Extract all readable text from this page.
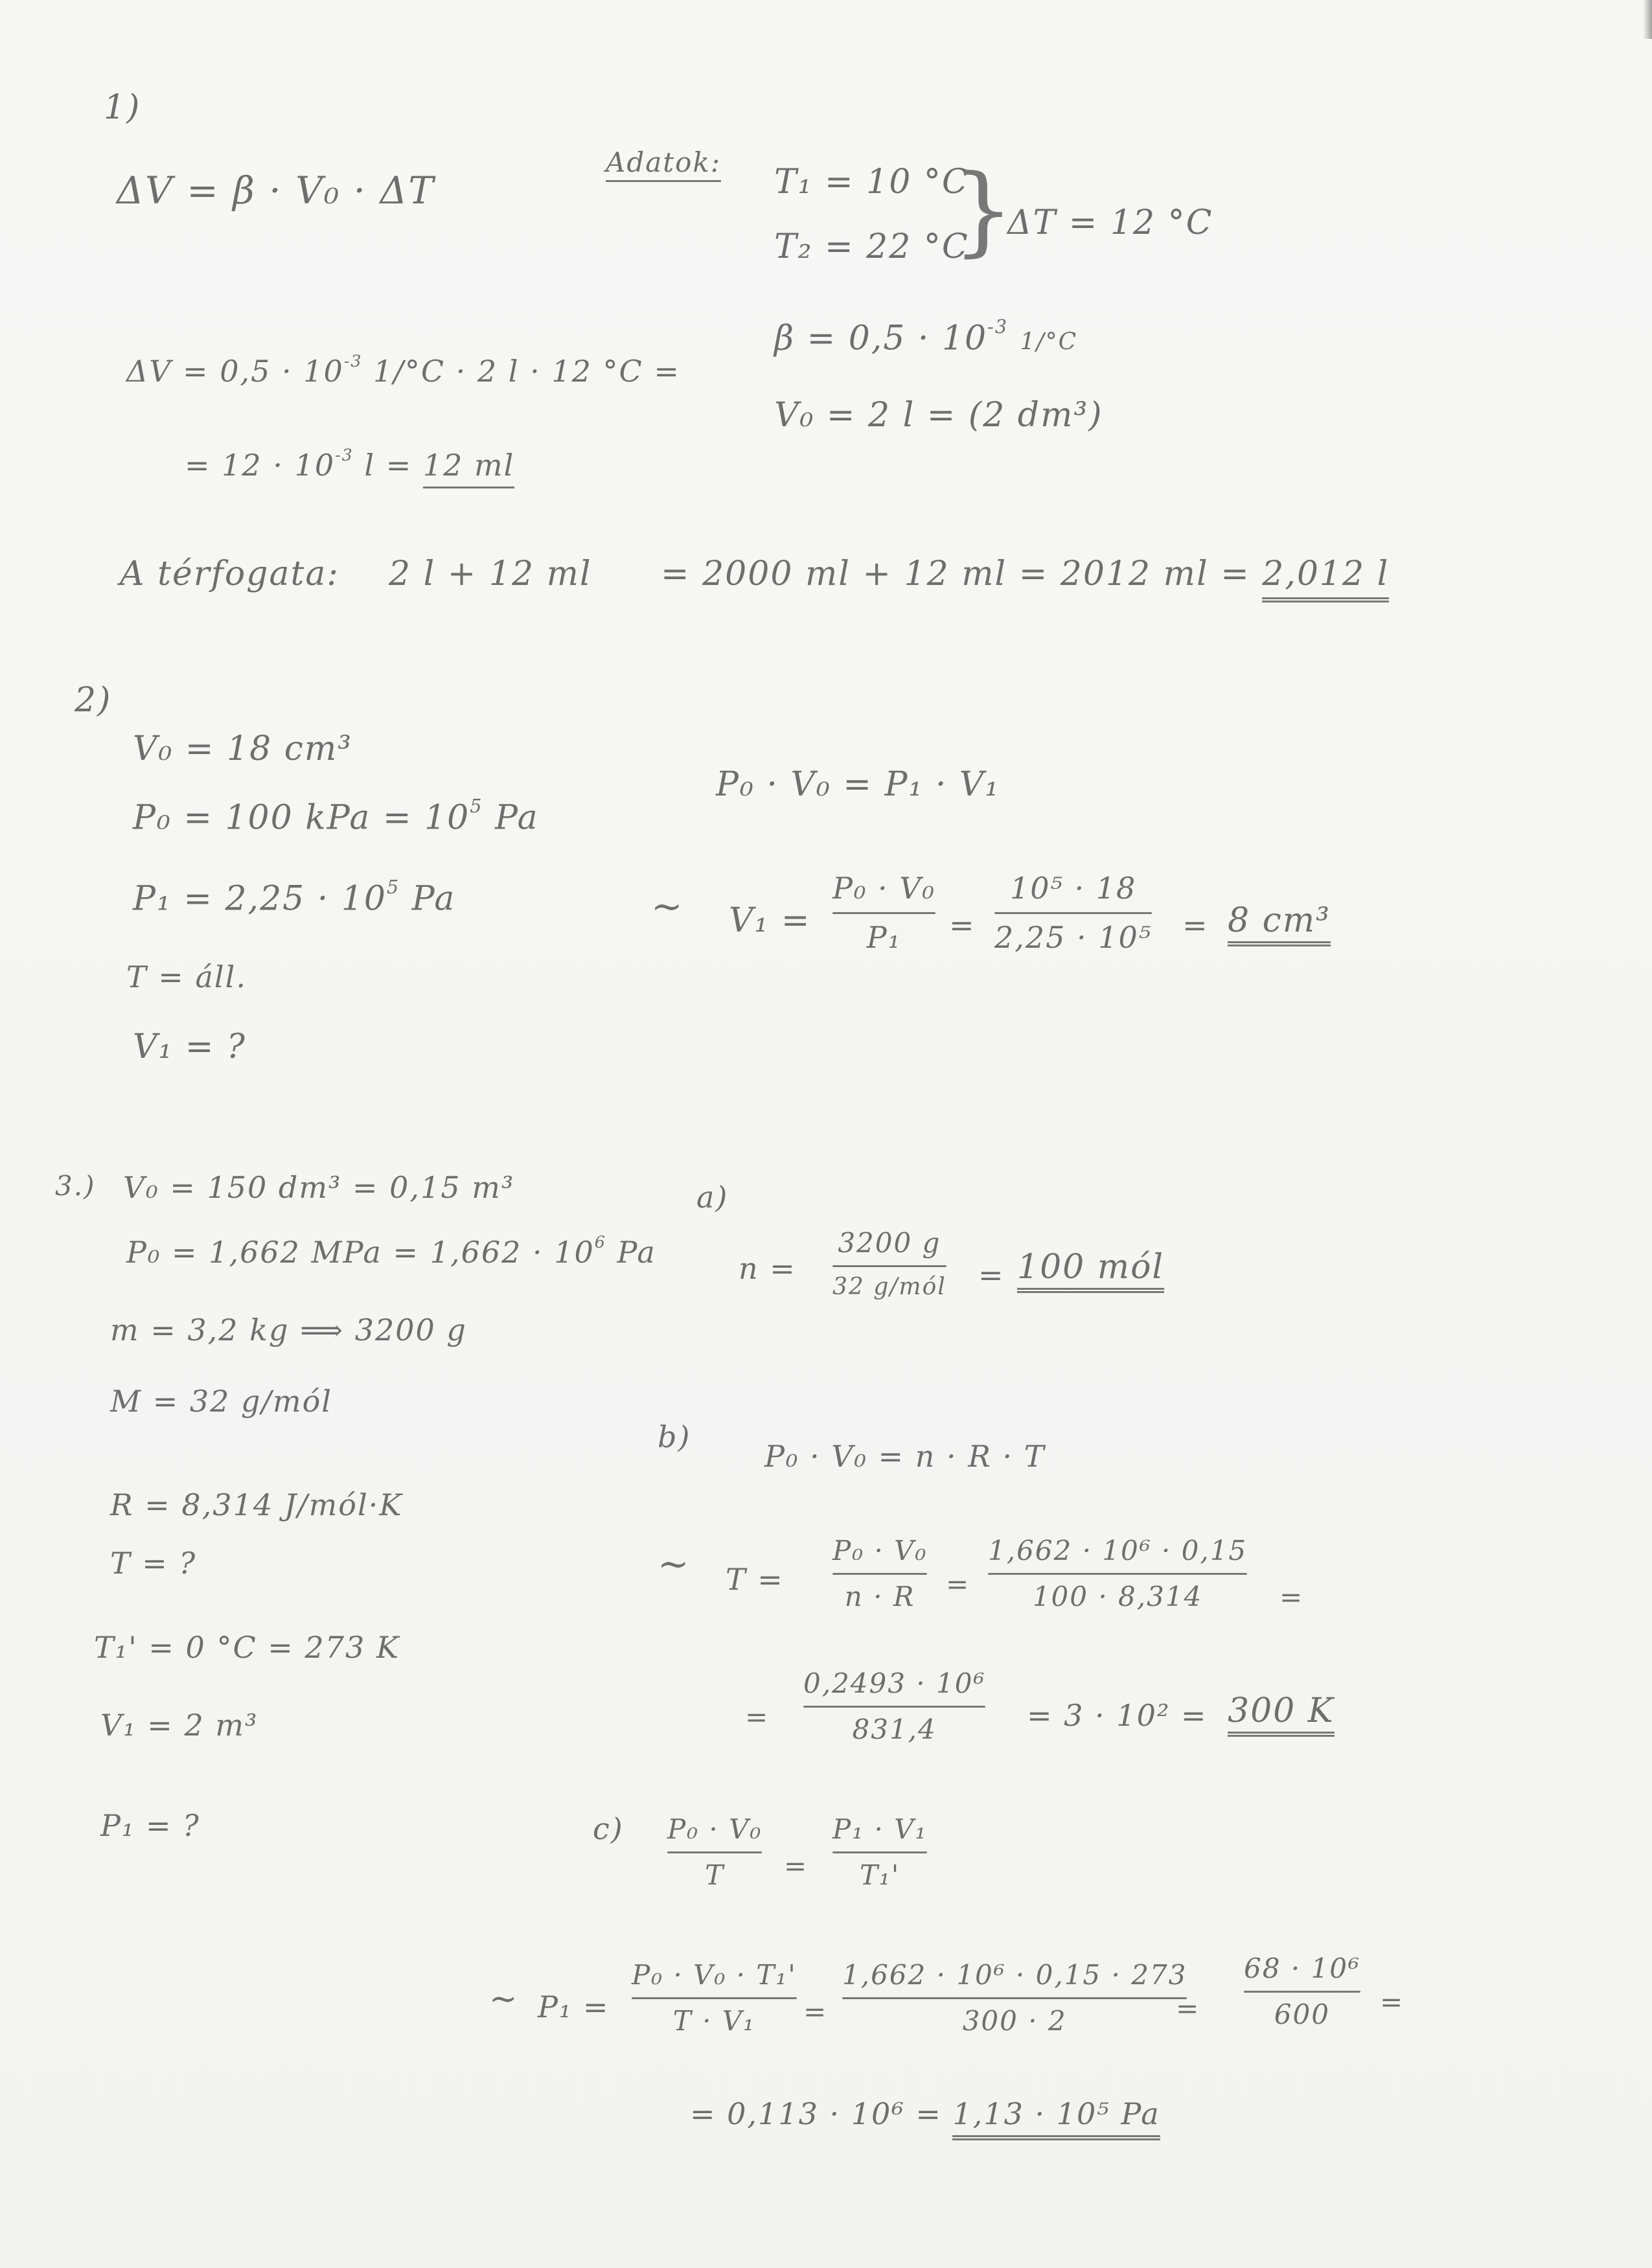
1)
ΔV = β · V₀ · ΔT
Adatok:
T₁ = 10 °C
T₂ = 22 °C
}
ΔT = 12 °C
$\beta = 0,5 \cdot 10^{-3}$ 1/°C
V₀ = 2 l = (2 dm³)
$\Delta V = 0,5 \cdot 10^{-3}$ 1/°C · 2 l · 12 °C =
= $12 \cdot 10^{-3}$ l = 12 ml
A térfogata: 2 l + 12 ml = 2000 ml + 12 ml = 2012 ml = 2,012 l
2)
V₀ = 18 cm³
P₀ = 100 kPa = $10^5$ Pa
$P_1 = 2,25 \cdot 10^5$ Pa
T = áll.
V₁ = ?
P₀ · V₀ = P₁ · V₁
~ V₁ =
P₀ · V₀
P₁ =
10⁵ · 18
2,25 · 10⁵ = 8 cm³
3.) V₀ = 150 dm³ = 0,15 m³
P₀ = 1,662 MPa = $1,662 \cdot 10^6$ Pa
m = 3,2 kg ⟹ 3200 g
M = 32 g/mól
R = 8,314 J/mól·K
T = ?
T₁' = 0 °C = 273 K
V₁ = 2 m³
P₁ = ?
a)
n =
3200 g
32 g/mól = 100 mól
b)
P₀ · V₀ = n · R · T
~ T =
P₀ · V₀
n · R =
1,662 · 10⁶ · 0,15
100 · 8,314	=
=
0,2493 · 10⁶
831,4	= 3 · 10² = 300 K
c) P₀ · V₀
T =
P₁ · V₁
T₁'
~ P₁ =
P₀ · V₀ · T₁'
T · V₁ =
1,662 · 10⁶ · 0,15 · 273
300 · 2	=
68 · 10⁶
600 =
= 0,113 · 10⁶ = 1,13 · 10⁵ Pa
